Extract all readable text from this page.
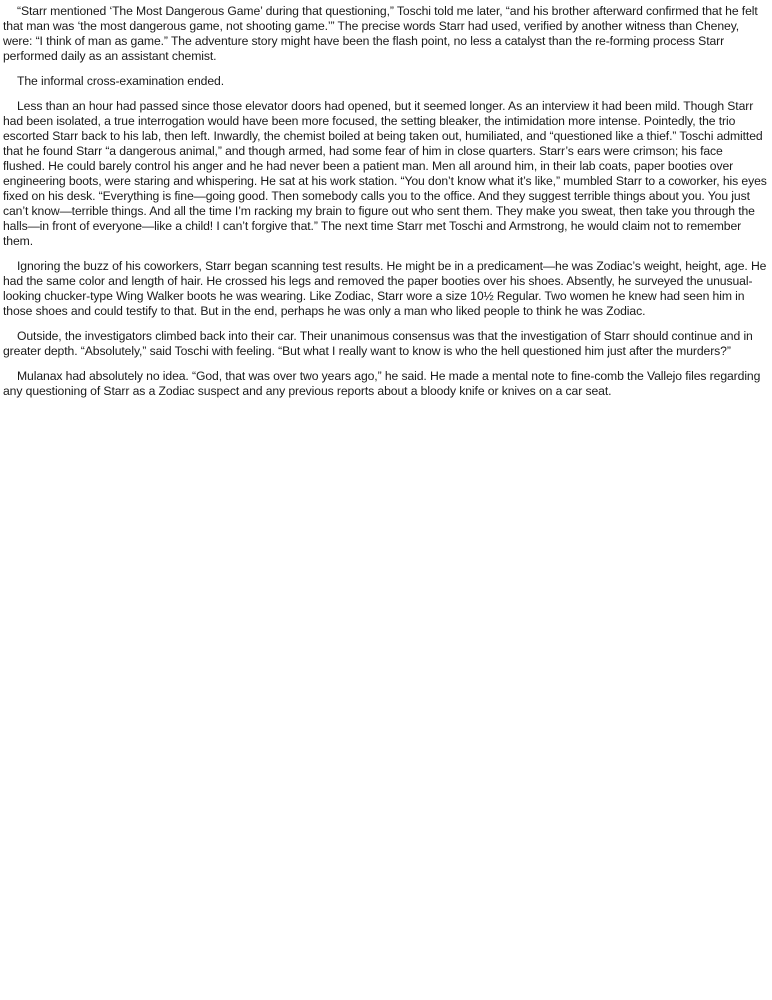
“Starr mentioned ‘The Most Dangerous Game’ during that questioning,” Toschi told me later, “and his brother afterward confirmed that he felt that man was ‘the most dangerous game, not shooting game.’” The precise words Starr had used, verified by another witness than Cheney, were: “I think of man as game.” The adventure story might have been the flash point, no less a catalyst than the re-forming process Starr performed daily as an assistant chemist.

The informal cross-examination ended.

Less than an hour had passed since those elevator doors had opened, but it seemed longer. As an interview it had been mild. Though Starr had been isolated, a true interrogation would have been more focused, the setting bleaker, the intimidation more intense. Pointedly, the trio escorted Starr back to his lab, then left. Inwardly, the chemist boiled at being taken out, humiliated, and “questioned like a thief.” Toschi admitted that he found Starr “a dangerous animal,” and though armed, had some fear of him in close quarters. Starr’s ears were crimson; his face flushed. He could barely control his anger and he had never been a patient man. Men all around him, in their lab coats, paper booties over engineering boots, were staring and whispering. He sat at his work station. “You don’t know what it’s like,” mumbled Starr to a coworker, his eyes fixed on his desk. “Everything is fine—going good. Then somebody calls you to the office. And they suggest terrible things about you. You just can’t know—terrible things. And all the time I’m racking my brain to figure out who sent them. They make you sweat, then take you through the halls—in front of everyone—like a child! I can’t forgive that.” The next time Starr met Toschi and Armstrong, he would claim not to remember them.

Ignoring the buzz of his coworkers, Starr began scanning test results. He might be in a predicament—he was Zodiac’s weight, height, age. He had the same color and length of hair. He crossed his legs and removed the paper booties over his shoes. Absently, he surveyed the unusual-looking chucker-type Wing Walker boots he was wearing. Like Zodiac, Starr wore a size 10½ Regular. Two women he knew had seen him in those shoes and could testify to that. But in the end, perhaps he was only a man who liked people to think he was Zodiac.

Outside, the investigators climbed back into their car. Their unanimous consensus was that the investigation of Starr should continue and in greater depth. “Absolutely,” said Toschi with feeling. “But what I really want to know is who the hell questioned him just after the murders?”

Mulanax had absolutely no idea. “God, that was over two years ago,” he said. He made a mental note to fine-comb the Vallejo files regarding any questioning of Starr as a Zodiac suspect and any previous reports about a bloody knife or knives on a car seat.
